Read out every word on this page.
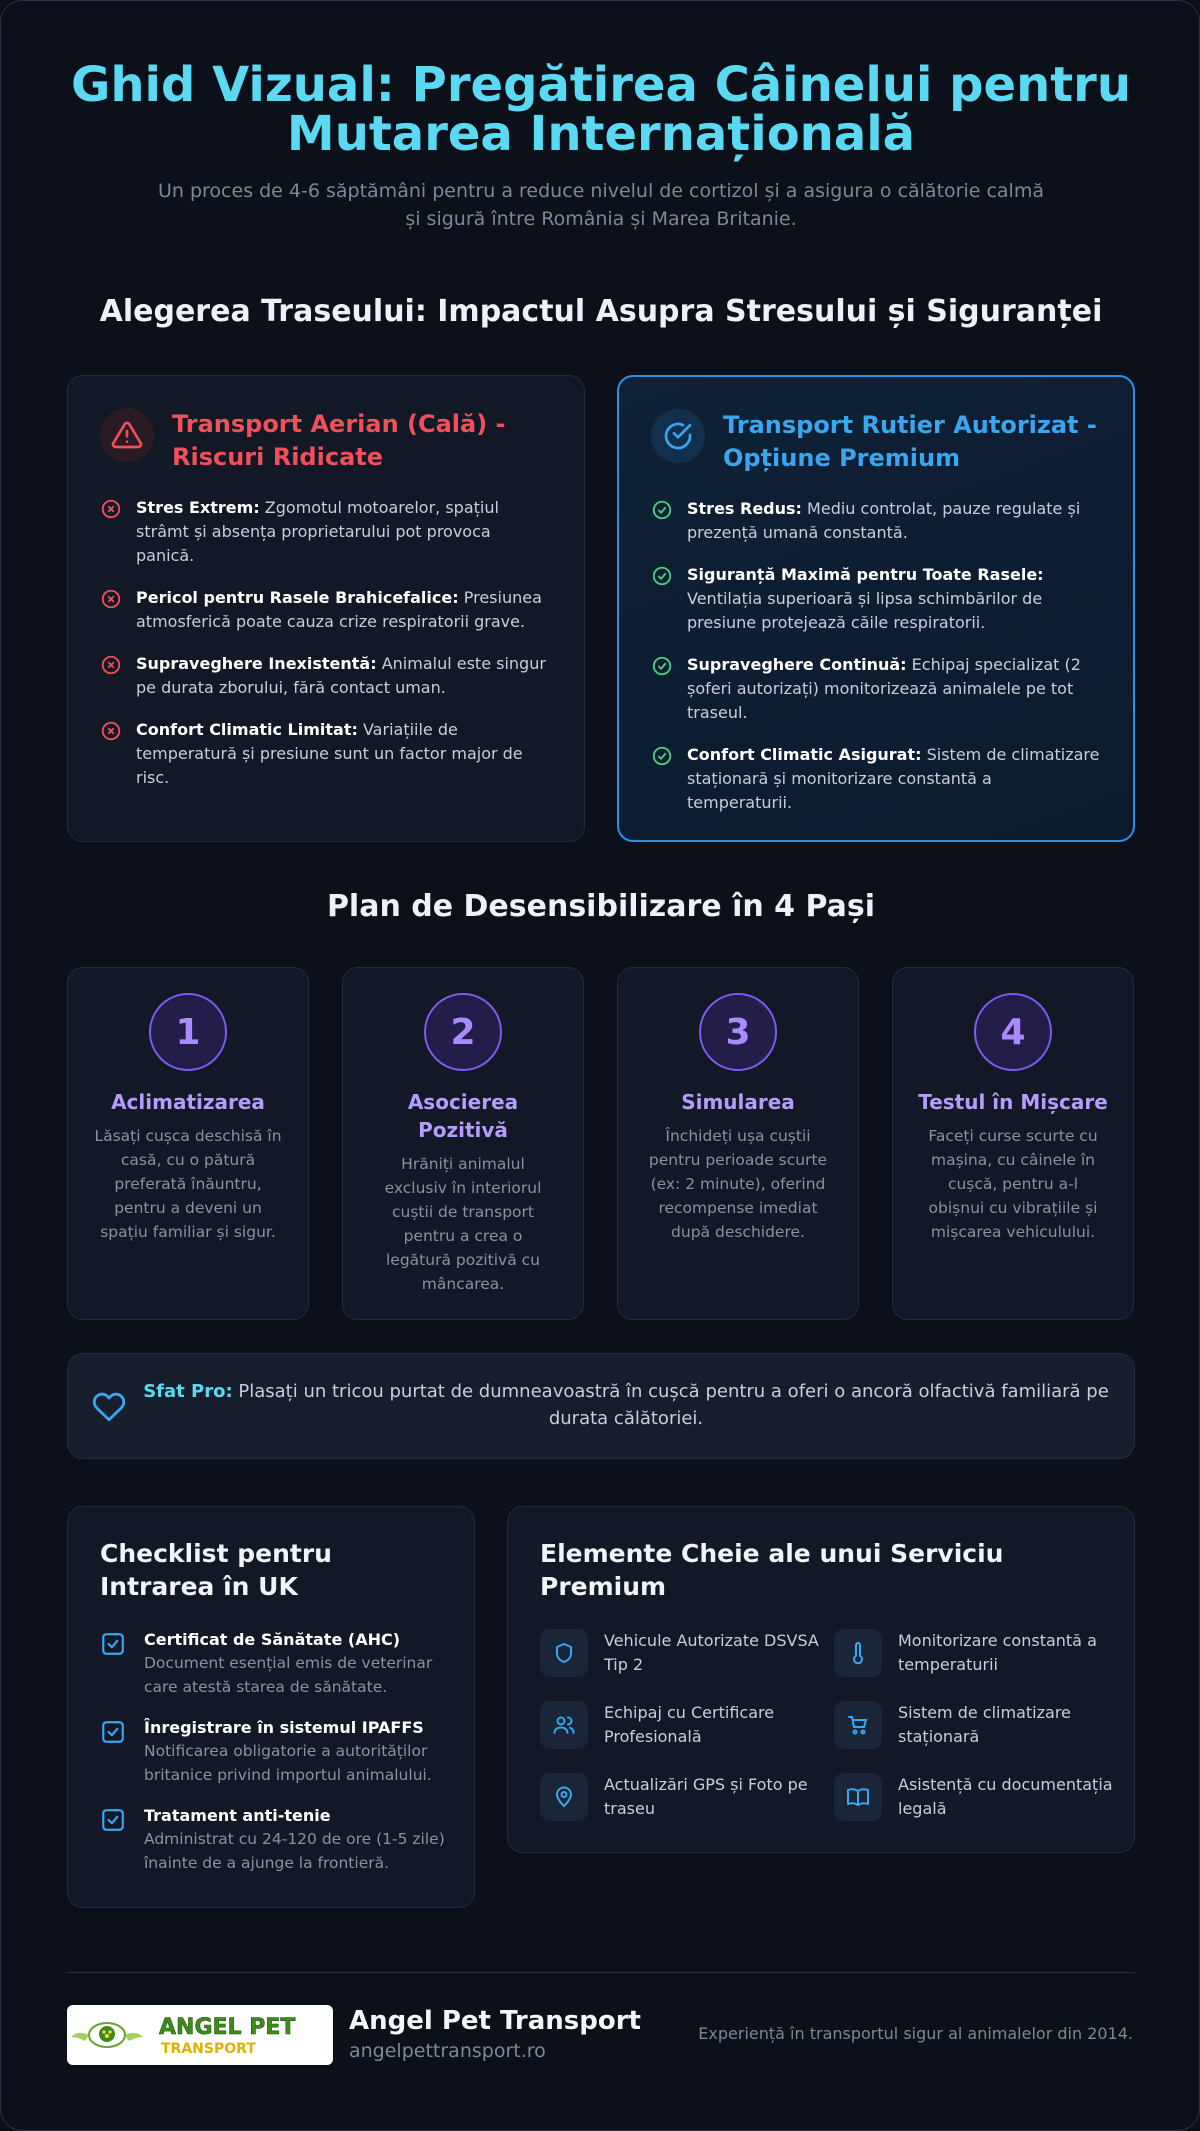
Ghid Vizual: Pregătirea Câinelui pentru Mutarea Internațională

Un proces de 4-6 săptămâni pentru a reduce nivelul de cortizol și a asigura o călătorie calmă și sigură între România și Marea Britanie.

Alegerea Traseului: Impactul Asupra Stresului și Siguranței
Transport Aerian (Cală) - Riscuri Ridicate
Stres Extrem: Zgomotul motoarelor, spațiul strâmt și absența proprietarului pot provoca panică.
Pericol pentru Rasele Brahicefalice: Presiunea atmosferică poate cauza crize respiratorii grave.
Supraveghere Inexistentă: Animalul este singur pe durata zborului, fără contact uman.
Confort Climatic Limitat: Variațiile de temperatură și presiune sunt un factor major de risc.
Transport Rutier Autorizat - Opțiune Premium
Stres Redus: Mediu controlat, pauze regulate și prezență umană constantă.
Siguranță Maximă pentru Toate Rasele: Ventilația superioară și lipsa schimbărilor de presiune protejează căile respiratorii.
Supraveghere Continuă: Echipaj specializat (2 șoferi autorizați) monitorizează animalele pe tot traseul.
Confort Climatic Asigurat: Sistem de climatizare staționară și monitorizare constantă a temperaturii.
Plan de Desensibilizare în 4 Pași
1
Aclimatizarea
Lăsați cușca deschisă în casă, cu o pătură preferată înăuntru, pentru a deveni un spațiu familiar și sigur.
2
Asocierea Pozitivă
Hrăniți animalul exclusiv în interiorul cuștii de transport pentru a crea o legătură pozitivă cu mâncarea.
3
Simularea
Închideți ușa cuștii pentru perioade scurte (ex: 2 minute), oferind recompense imediat după deschidere.
4
Testul în Mișcare
Faceți curse scurte cu mașina, cu câinele în cușcă, pentru a-l obișnui cu vibrațiile și mișcarea vehiculului.

Sfat Pro: Plasați un tricou purtat de dumneavoastră în cușcă pentru a oferi o ancoră olfactivă familiară pe durata călătoriei.

Checklist pentru Intrarea în UK
Certificat de Sănătate (AHC)
Document esențial emis de veterinar care atestă starea de sănătate.
Înregistrare în sistemul IPAFFS
Notificarea obligatorie a autorităților britanice privind importul animalului.
Tratament anti-tenie
Administrat cu 24-120 de ore (1-5 zile) înainte de a ajunge la frontieră.
Elemente Cheie ale unui Serviciu Premium
Vehicule Autorizate DSVSA Tip 2
Monitorizare constantă a temperaturii
Echipaj cu Certificare Profesională
Sistem de climatizare staționară
Actualizări GPS și Foto pe traseu
Asistență cu documentația legală
ANGEL PET
TRANSPORT
Angel Pet Transport
angelpettransport.ro
Experiență în transportul sigur al animalelor din 2014.
